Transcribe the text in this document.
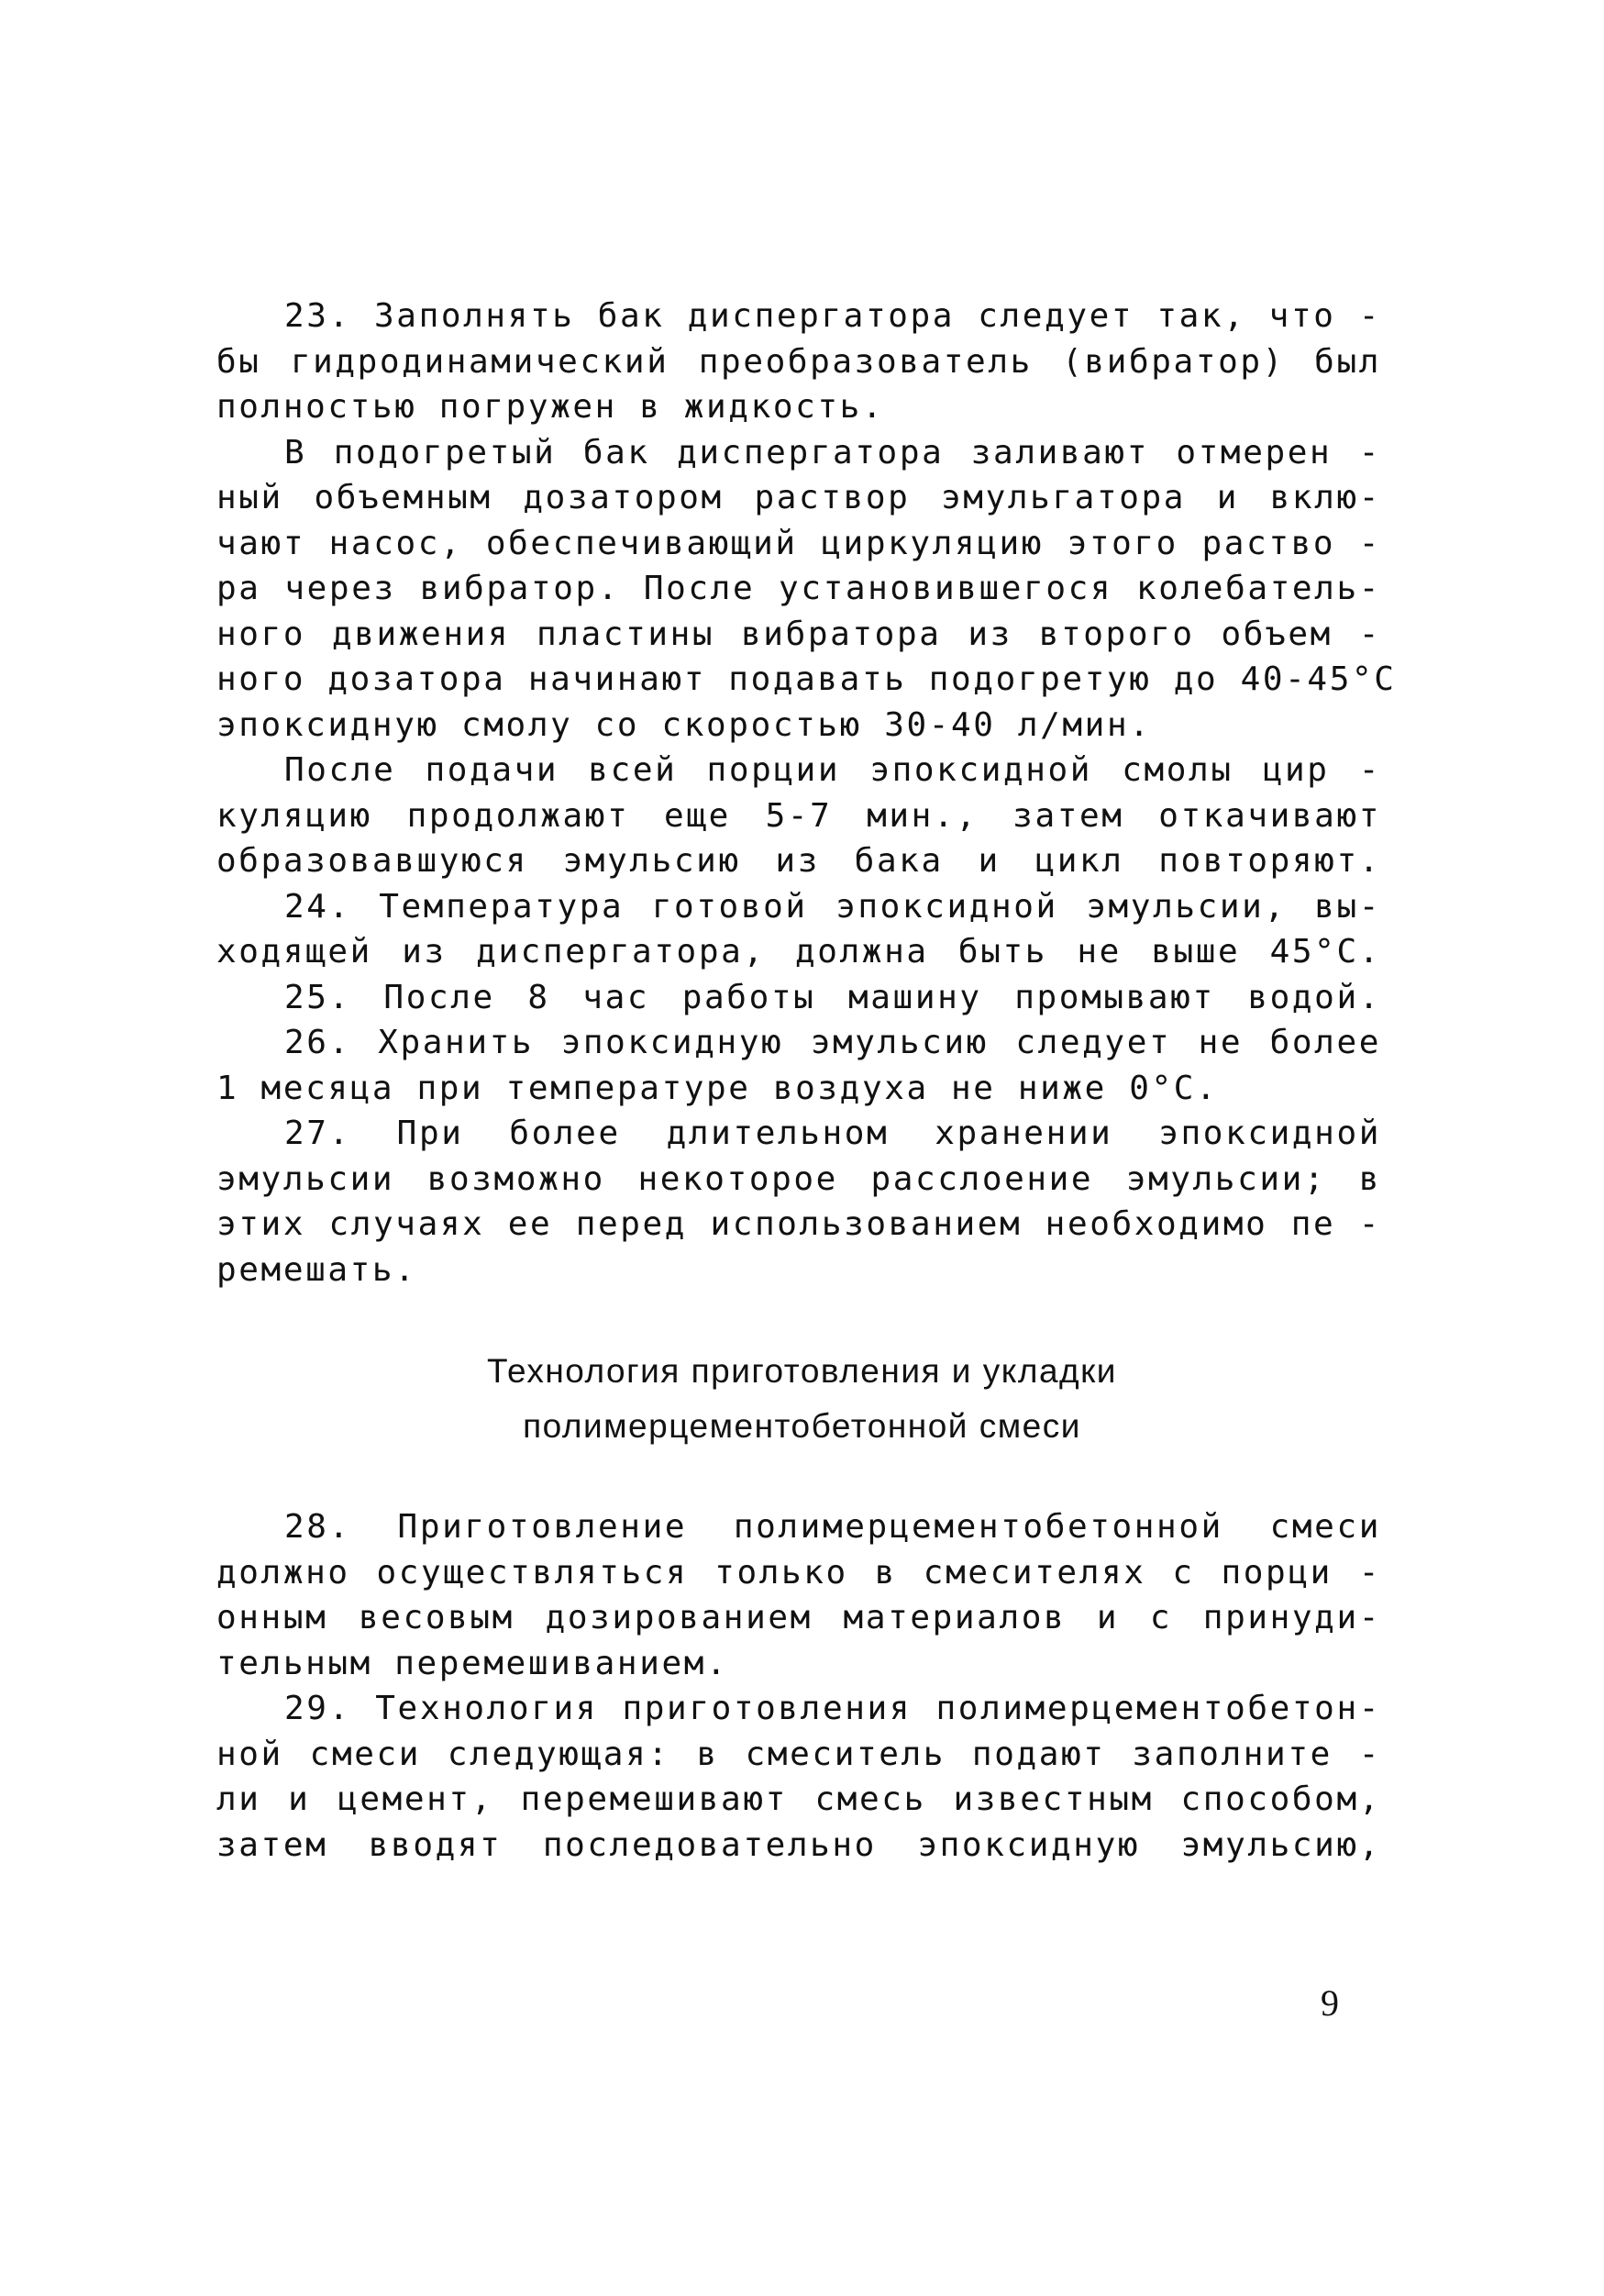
23. Заполнять бак диспергатора следует так, что -
бы гидродинамический преобразователь (вибратор) был
полностью погружен в жидкость.
В подогретый бак диспергатора заливают отмерен -
ный объемным дозатором раствор эмульгатора и вклю-
чают насос, обеспечивающий циркуляцию этого раство -
ра через вибратор. После установившегося колебатель-
ного движения пластины вибратора из второго объем -
ного дозатора начинают подавать подогретую до 40-45°С
эпоксидную смолу со скоростью 30-40 л/мин.
После подачи всей порции эпоксидной смолы цир -
куляцию продолжают еще 5-7 мин., затем откачивают
образовавшуюся эмульсию из бака и цикл повторяют.
24. Температура готовой эпоксидной эмульсии, вы-
ходящей из диспергатора, должна быть не выше 45°С.
25. После 8 час работы машину промывают водой.
26. Хранить эпоксидную эмульсию следует не более
1 месяца при температуре воздуха не ниже 0°С.
27. При более длительном хранении эпоксидной
эмульсии возможно некоторое расслоение эмульсии; в
этих случаях ее перед использованием необходимо пе -
ремешать.
Технология приготовления и укладки
полимерцементобетонной смеси
28. Приготовление полимерцементобетонной смеси
должно осуществляться только в смесителях с порци -
онным весовым дозированием материалов и с принуди-
тельным перемешиванием.
29. Технология приготовления полимерцементобетон-
ной смеси следующая: в смеситель подают заполните -
ли и цемент, перемешивают смесь известным способом,
затем вводят последовательно эпоксидную эмульсию,
9
